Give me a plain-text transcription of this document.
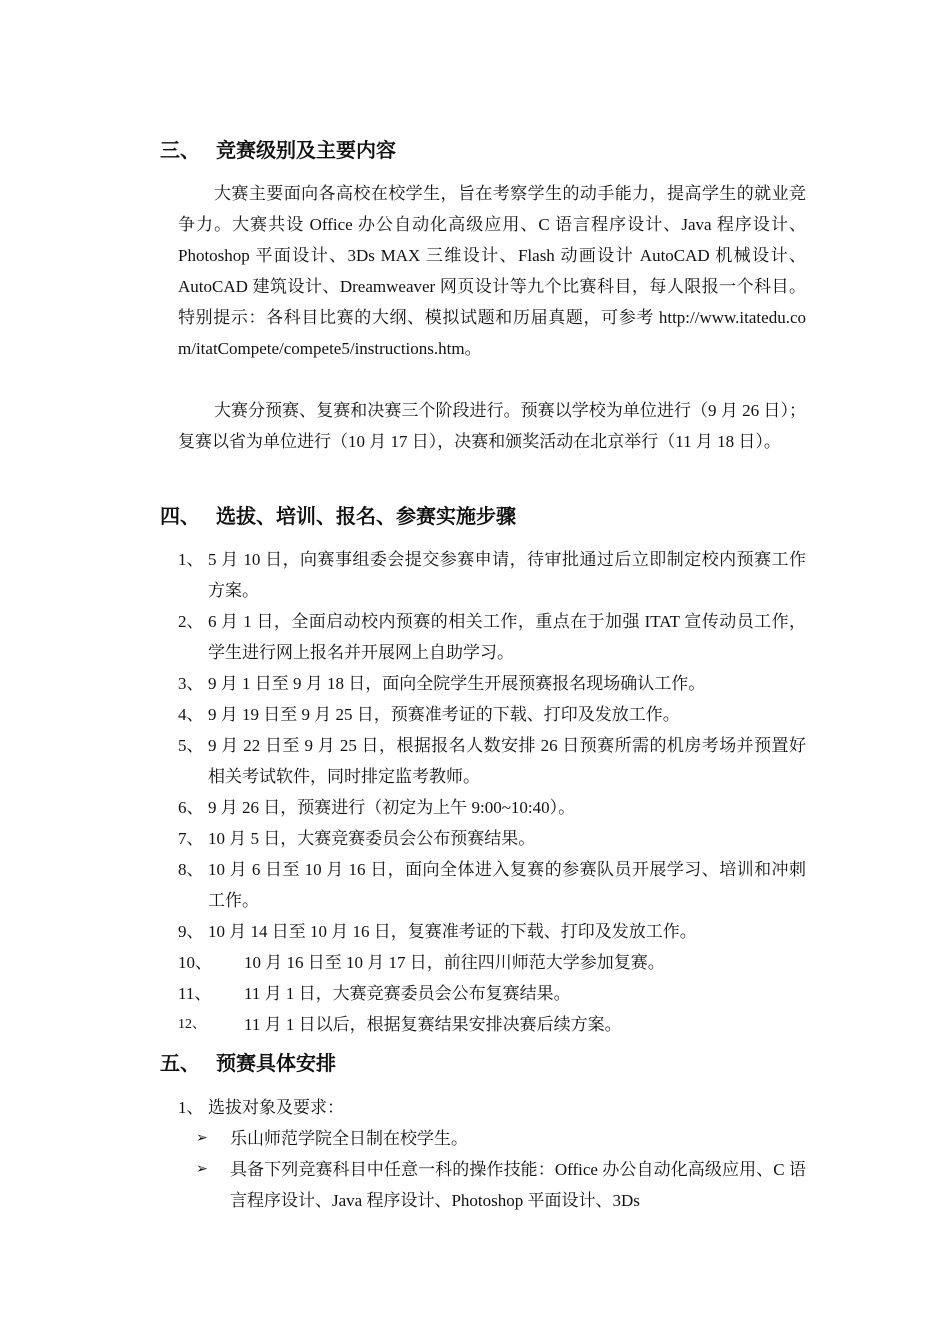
三、 竞赛级别及主要内容
大赛主要面向各高校在校学生，旨在考察学生的动手能力，提高学生的就业竞争力。大赛共设 Office 办公自动化高级应用、C 语言程序设计、Java 程序设计、Photoshop 平面设计、3Ds MAX 三维设计、Flash 动画设计 AutoCAD 机械设计、AutoCAD 建筑设计、Dreamweaver 网页设计等九个比赛科目，每人限报一个科目。特别提示：各科目比赛的大纲、模拟试题和历届真题，可参考 http://www.itatedu.com/itatCompete/compete5/instructions.htm。
大赛分预赛、复赛和决赛三个阶段进行。预赛以学校为单位进行（9 月 26 日）；复赛以省为单位进行（10 月 17 日），决赛和颁奖活动在北京举行（11 月 18 日）。
四、 选拔、培训、报名、参赛实施步骤
1、 5 月 10 日，向赛事组委会提交参赛申请，待审批通过后立即制定校内预赛工作方案。
2、 6 月 1 日，全面启动校内预赛的相关工作，重点在于加强 ITAT 宣传动员工作，学生进行网上报名并开展网上自助学习。
3、 9 月 1 日至 9 月 18 日，面向全院学生开展预赛报名现场确认工作。
4、 9 月 19 日至 9 月 25 日，预赛准考证的下载、打印及发放工作。
5、 9 月 22 日至 9 月 25 日，根据报名人数安排 26 日预赛所需的机房考场并预置好相关考试软件，同时排定监考教师。
6、 9 月 26 日，预赛进行（初定为上午 9:00~10:40）。
7、 10 月 5 日，大赛竞赛委员会公布预赛结果。
8、 10 月 6 日至 10 月 16 日，面向全体进入复赛的参赛队员开展学习、培训和冲刺工作。
9、 10 月 14 日至 10 月 16 日，复赛准考证的下载、打印及发放工作。
10、	10 月 16 日至 10 月 17 日，前往四川师范大学参加复赛。
11、	11 月 1 日，大赛竞赛委员会公布复赛结果。
12、	11 月 1 日以后，根据复赛结果安排决赛后续方案。
五、 预赛具体安排
1、 选拔对象及要求：
➢	乐山师范学院全日制在校学生。
➢	具备下列竞赛科目中任意一科的操作技能：Office 办公自动化高级应用、C 语言程序设计、Java 程序设计、Photoshop 平面设计、3Ds
